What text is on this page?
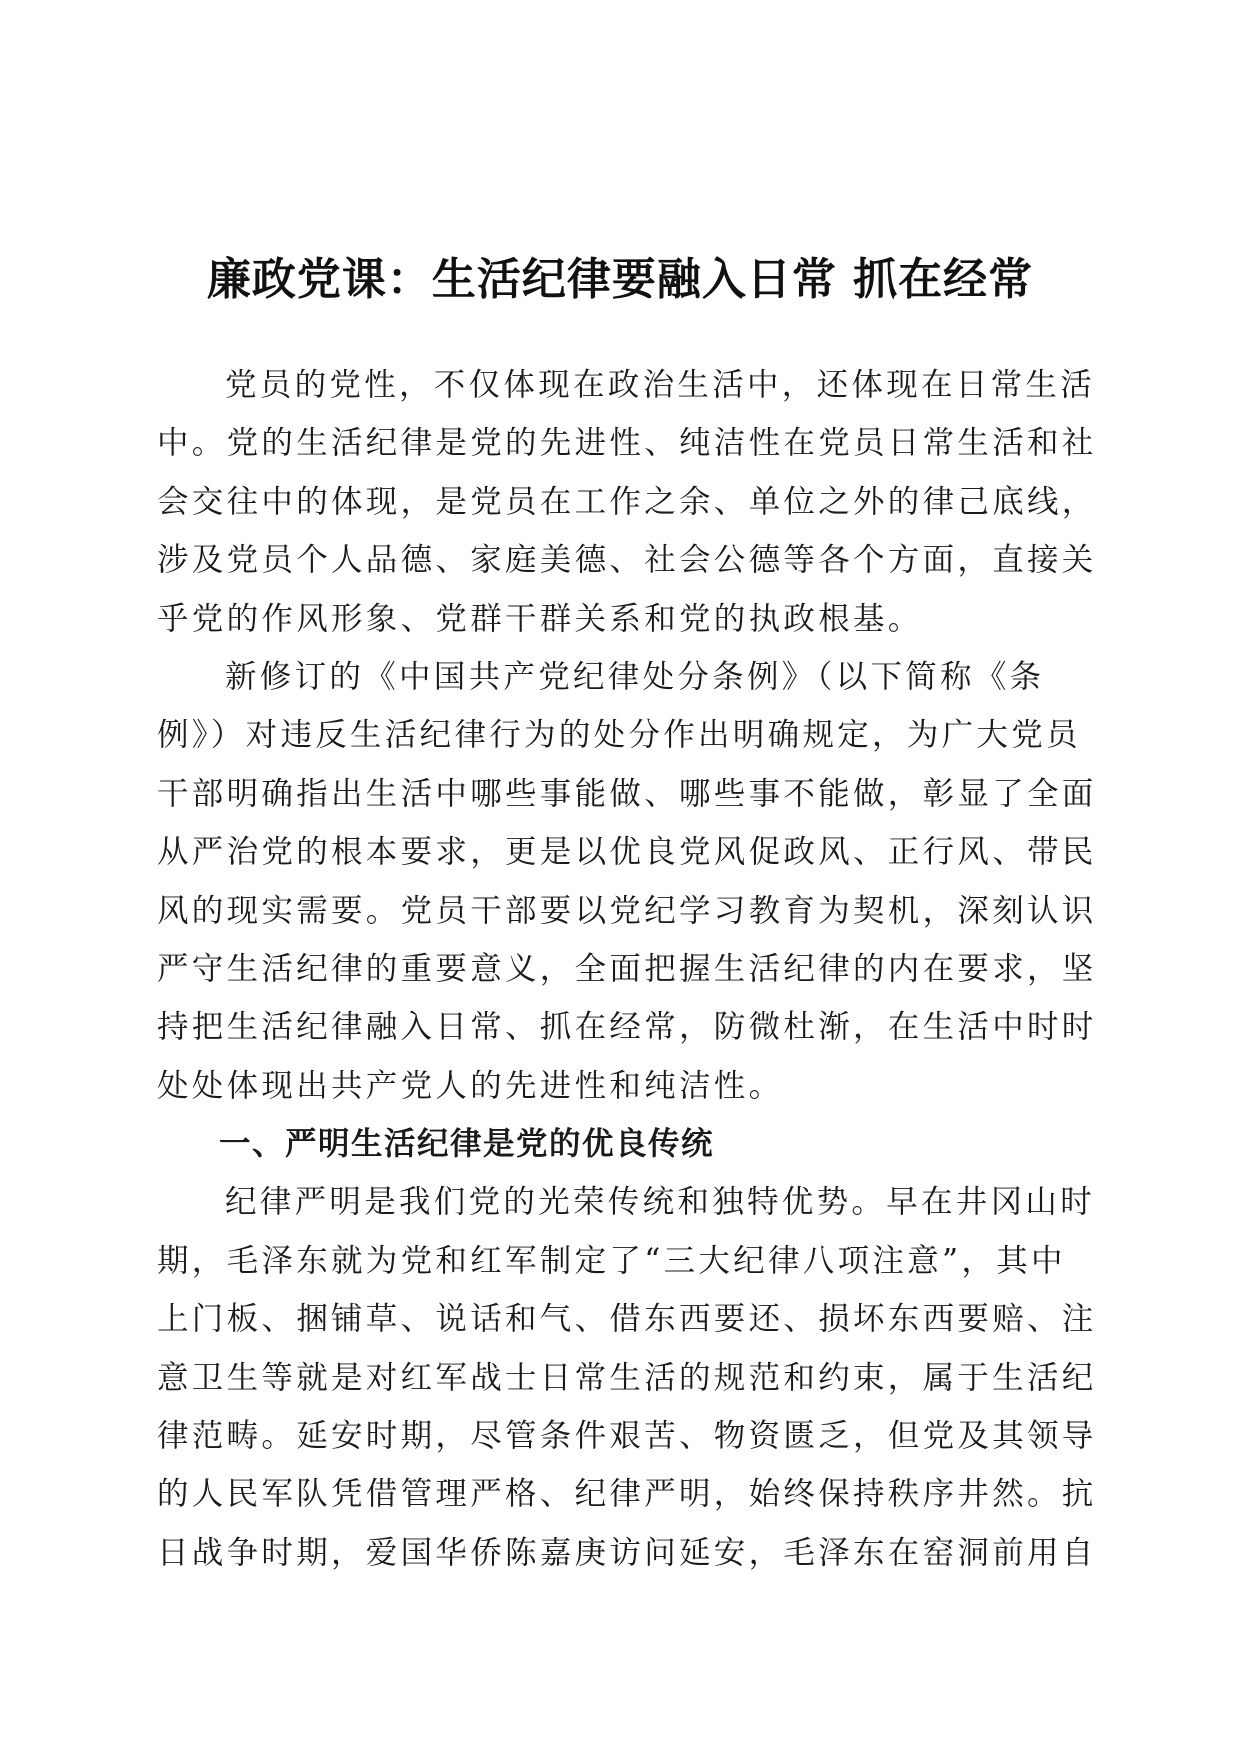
廉政党课：生活纪律要融入日常 抓在经常
党员的党性，不仅体现在政治生活中，还体现在日常生活
中。党的生活纪律是党的先进性、纯洁性在党员日常生活和社
会交往中的体现，是党员在工作之余、单位之外的律己底线，
涉及党员个人品德、家庭美德、社会公德等各个方面，直接关
乎党的作风形象、党群干群关系和党的执政根基。
新修订的《中国共产党纪律处分条例》（以下简称《条
例》）对违反生活纪律行为的处分作出明确规定，为广大党员
干部明确指出生活中哪些事能做、哪些事不能做，彰显了全面
从严治党的根本要求，更是以优良党风促政风、正行风、带民
风的现实需要。党员干部要以党纪学习教育为契机，深刻认识
严守生活纪律的重要意义，全面把握生活纪律的内在要求，坚
持把生活纪律融入日常、抓在经常，防微杜渐，在生活中时时
处处体现出共产党人的先进性和纯洁性。
一、严明生活纪律是党的优良传统
纪律严明是我们党的光荣传统和独特优势。早在井冈山时
期，毛泽东就为党和红军制定了“三大纪律八项注意”，其中
上门板、捆铺草、说话和气、借东西要还、损坏东西要赔、注
意卫生等就是对红军战士日常生活的规范和约束，属于生活纪
律范畴。延安时期，尽管条件艰苦、物资匮乏，但党及其领导
的人民军队凭借管理严格、纪律严明，始终保持秩序井然。抗
日战争时期，爱国华侨陈嘉庚访问延安，毛泽东在窑洞前用自
